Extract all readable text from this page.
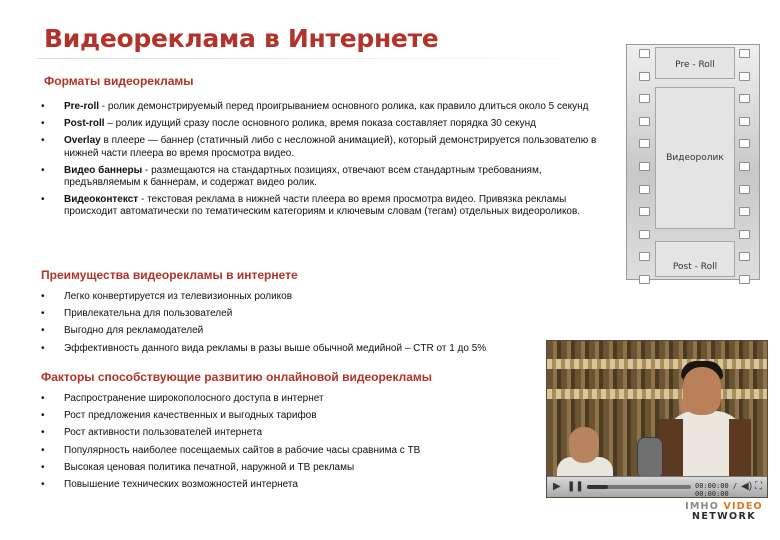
Видеореклама в Интернете
Форматы видеорекламы
• Pre-roll - ролик демонстрируемый перед проигрыванием основного ролика, как правило длиться около 5 секунд
• Post-roll – ролик идущий сразу после основного ролика, время показа составляет порядка 30 секунд
• Overlay в плеере — баннер (статичный либо с несложной анимацией), который демонстрируется пользователю в нижней части плеера во время просмотра видео.
• Видео баннеры - размещаются на стандартных позициях, отвечают всем стандартным требованиям, предъявляемым к баннерам, и содержат видео ролик.
• Видеоконтекст - текстовая реклама в нижней части плеера во время просмотра видео. Привязка рекламы происходит автоматически по тематическим категориям и ключевым словам (тегам) отдельных видеороликов.
Преимущества видеорекламы в интернете
• Легко конвертируется из телевизионных роликов
• Привлекательна для пользователей
• Выгодно для рекламодателей
• Эффективность данного вида рекламы в разы выше обычной медийной – CTR от 1 до 5%
Факторы способствующие развитию онлайновой видеорекламы
• Распространение широкополосного доступа в интернет
• Рост предложения качественных и выгодных тарифов
• Рост активности пользователей интернета
• Популярность наиболее посещаемых сайтов в рабочие часы сравнима с ТВ
• Высокая ценовая политика печатной, наружной и ТВ рекламы
• Повышение технических возможностей интернета
Pre - Roll
Видеоролик
Post - Roll
▶ ❚❚	00:00:00 / 00:00:00
◀) ⛶
IMHO VIDEO
NETWORK
